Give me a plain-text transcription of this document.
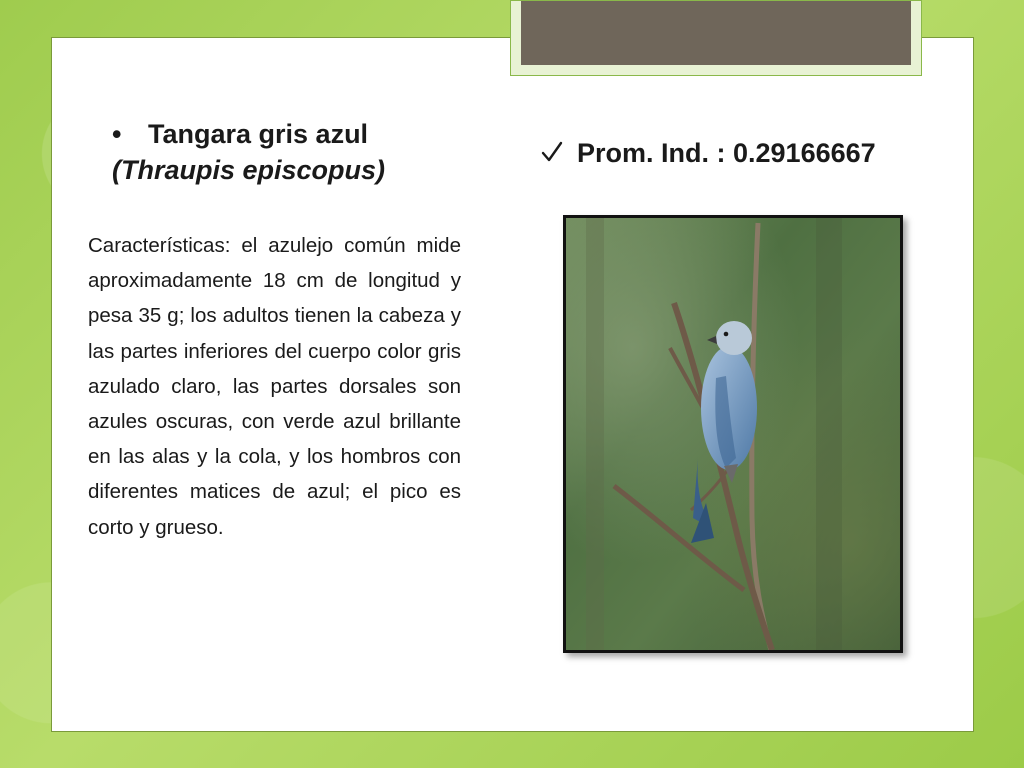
• Tangara gris azul
(Thraupis episcopus)
Características: el azulejo común mide aproximadamente 18 cm de longitud y pesa 35 g; los adultos tienen la cabeza y las partes inferiores del cuerpo color gris azulado claro, las partes dorsales son azules oscuras, con verde azul brillante en las alas y la cola, y los hombros con diferentes matices de azul; el pico es corto y grueso.
Prom. Ind. : 0.29166667
